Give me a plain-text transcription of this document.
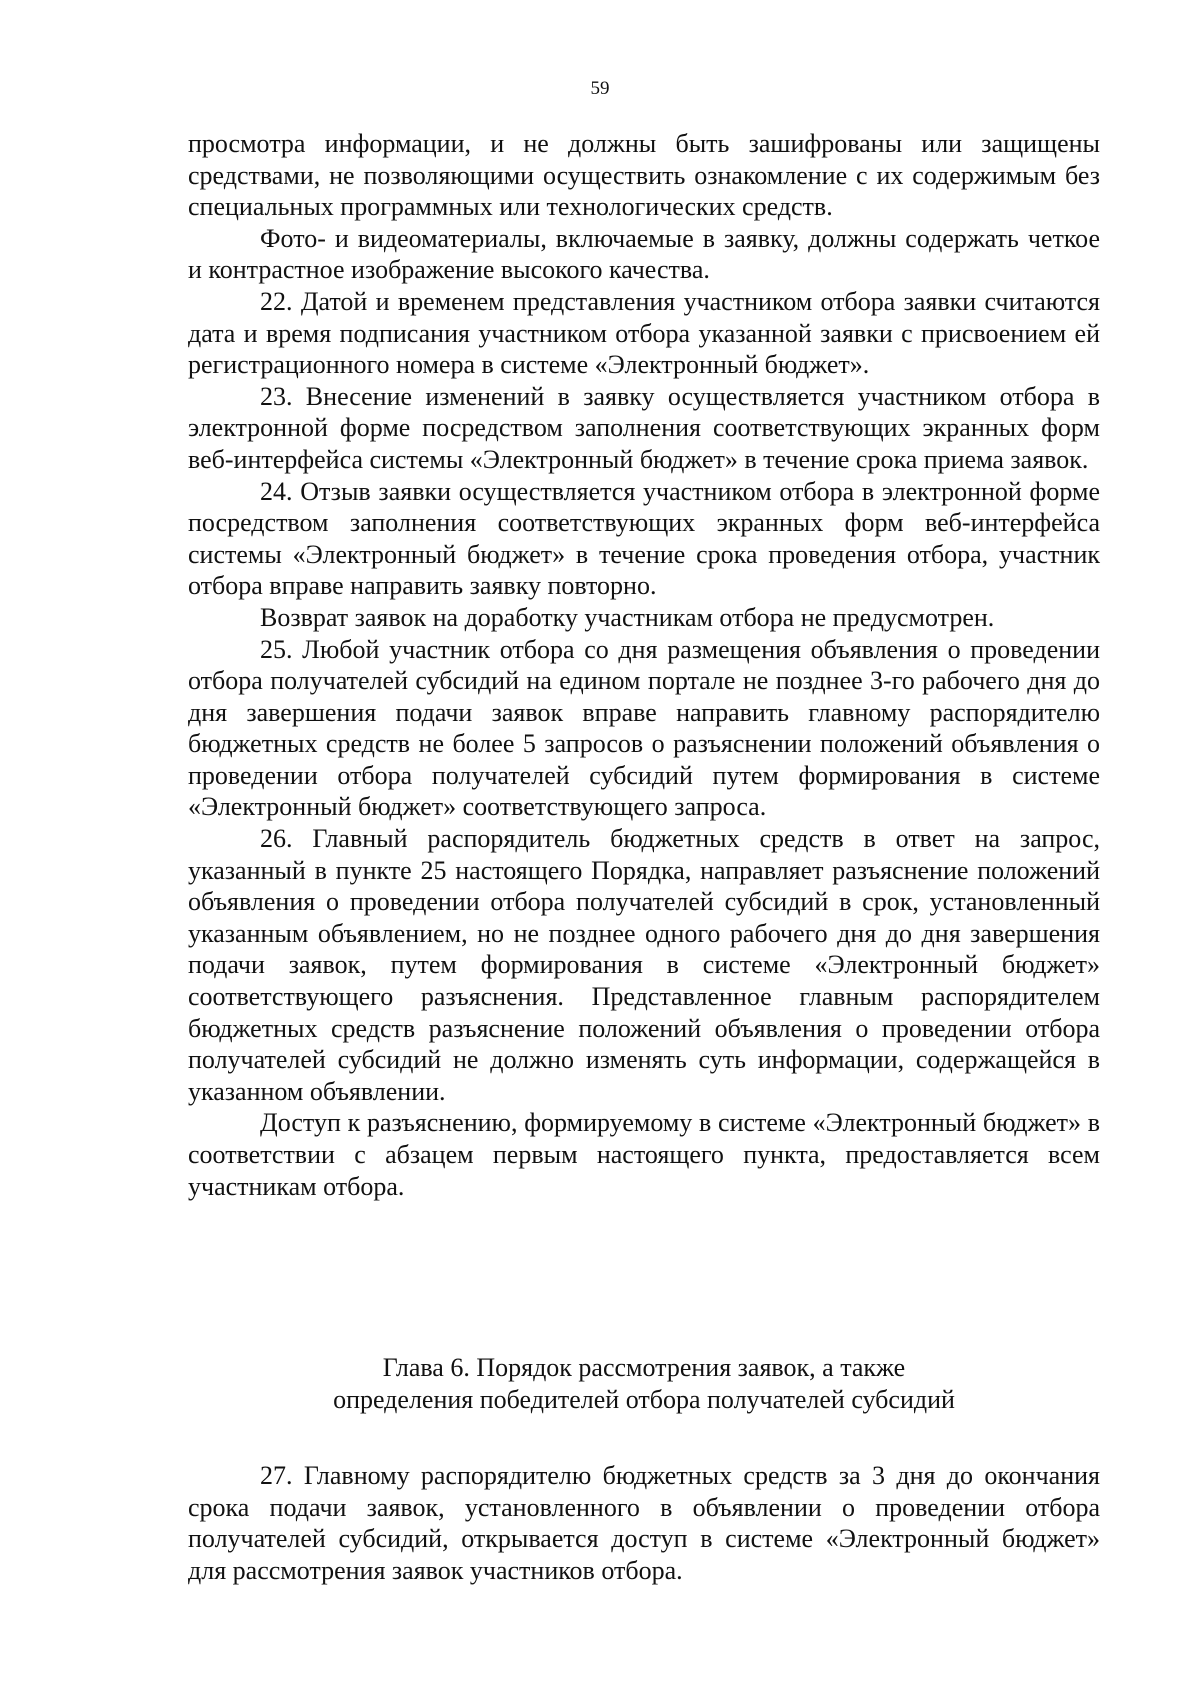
59

просмотра информации, и не должны быть зашифрованы или защищены средствами, не позволяющими осуществить ознакомление с их содержимым без специальных программных или технологических средств.

Фото- и видеоматериалы, включаемые в заявку, должны содержать четкое и контрастное изображение высокого качества.

22. Датой и временем представления участником отбора заявки считаются дата и время подписания участником отбора указанной заявки с присвоением ей регистрационного номера в системе «Электронный бюджет».

23. Внесение изменений в заявку осуществляется участником отбора в электронной форме посредством заполнения соответствующих экранных форм веб-интерфейса системы «Электронный бюджет» в течение срока приема заявок.

24. Отзыв заявки осуществляется участником отбора в электронной форме посредством заполнения соответствующих экранных форм веб-интерфейса системы «Электронный бюджет» в течение срока проведения отбора, участник отбора вправе направить заявку повторно.

Возврат заявок на доработку участникам отбора не предусмотрен.

25. Любой участник отбора со дня размещения объявления о проведении отбора получателей субсидий на едином портале не позднее 3-го рабочего дня до дня завершения подачи заявок вправе направить главному распорядителю бюджетных средств не более 5 запросов о разъяснении положений объявления о проведении отбора получателей субсидий путем формирования в системе «Электронный бюджет» соответствующего запроса.

26. Главный распорядитель бюджетных средств в ответ на запрос, указанный в пункте 25 настоящего Порядка, направляет разъяснение положений объявления о проведении отбора получателей субсидий в срок, установленный указанным объявлением, но не позднее одного рабочего дня до дня завершения подачи заявок, путем формирования в системе «Электронный бюджет» соответствующего разъяснения. Представленное главным распорядителем бюджетных средств разъяснение положений объявления о проведении отбора получателей субсидий не должно изменять суть информации, содержащейся в указанном объявлении.

Доступ к разъяснению, формируемому в системе «Электронный бюджет» в соответствии с абзацем первым настоящего пункта, предоставляется всем участникам отбора.

Глава 6. Порядок рассмотрения заявок, а также
определения победителей отбора получателей субсидий

27. Главному распорядителю бюджетных средств за 3 дня до окончания срока подачи заявок, установленного в объявлении о проведении отбора получателей субсидий, открывается доступ в системе «Электронный бюджет» для рассмотрения заявок участников отбора.
